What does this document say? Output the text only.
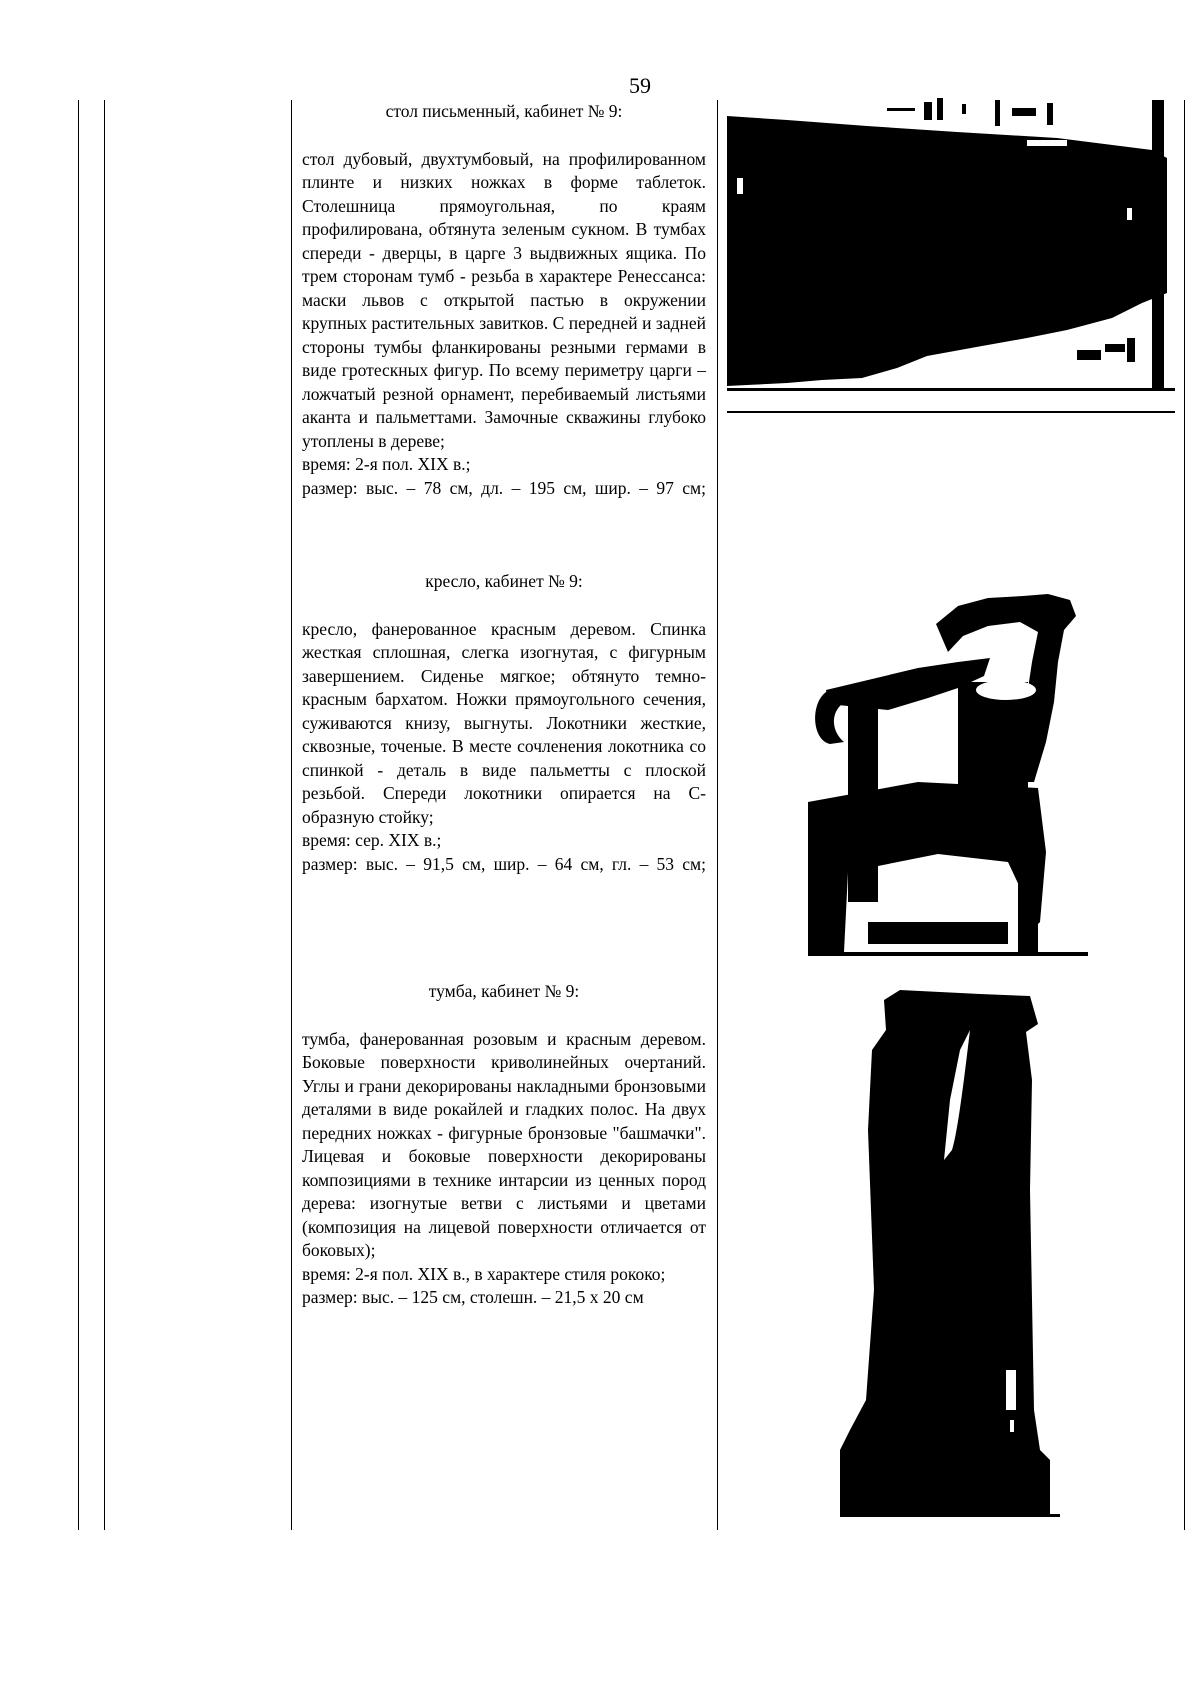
59
стол письменный, кабинет № 9:

стол дубовый, двухтумбовый, на профилированном плинте и низких ножках в форме таблеток. Столешница прямоугольная, по краям профилирована, обтянута зеленым сукном. В тумбах спереди - дверцы, в царге 3 выдвижных ящика. По трем сторонам тумб - резьба в характере Ренессанса: маски львов с открытой пастью в окружении крупных растительных завитков. С передней и задней стороны тумбы фланкированы резными гермами в виде гротескных фигур. По всему периметру царги – ложчатый резной орнамент, перебиваемый листьями аканта и пальметтами. Замочные скважины глубоко утоплены в дереве;

время: 2-я пол. XIX в.;

размер: выс. – 78 см, дл. – 195 см, шир. – 97 см;

кресло, кабинет № 9:

кресло, фанерованное красным деревом. Спинка жесткая сплошная, слегка изогнутая, с фигурным завершением. Сиденье мягкое; обтянуто темно-красным бархатом. Ножки прямоугольного сечения, суживаются книзу, выгнуты. Локотники жесткие, сквозные, точеные. В месте сочленения локотника со спинкой - деталь в виде пальметты с плоской резьбой. Спереди локотники опирается на С-образную стойку;

время: сер. XIX в.;

размер: выс. – 91,5 см, шир. – 64 см, гл. – 53 см;

тумба, кабинет № 9:

тумба, фанерованная розовым и красным деревом. Боковые поверхности криволинейных очертаний. Углы и грани декорированы накладными бронзовыми деталями в виде рокайлей и гладких полос. На двух передних ножках - фигурные бронзовые "башмачки". Лицевая и боковые поверхности декорированы композициями в технике интарсии из ценных пород дерева: изогнутые ветви с листьями и цветами (композиция на лицевой поверхности отличается от боковых);

время: 2-я пол. XIX в., в характере стиля рококо;

размер: выс. – 125 см, столешн. – 21,5 х 20 см
